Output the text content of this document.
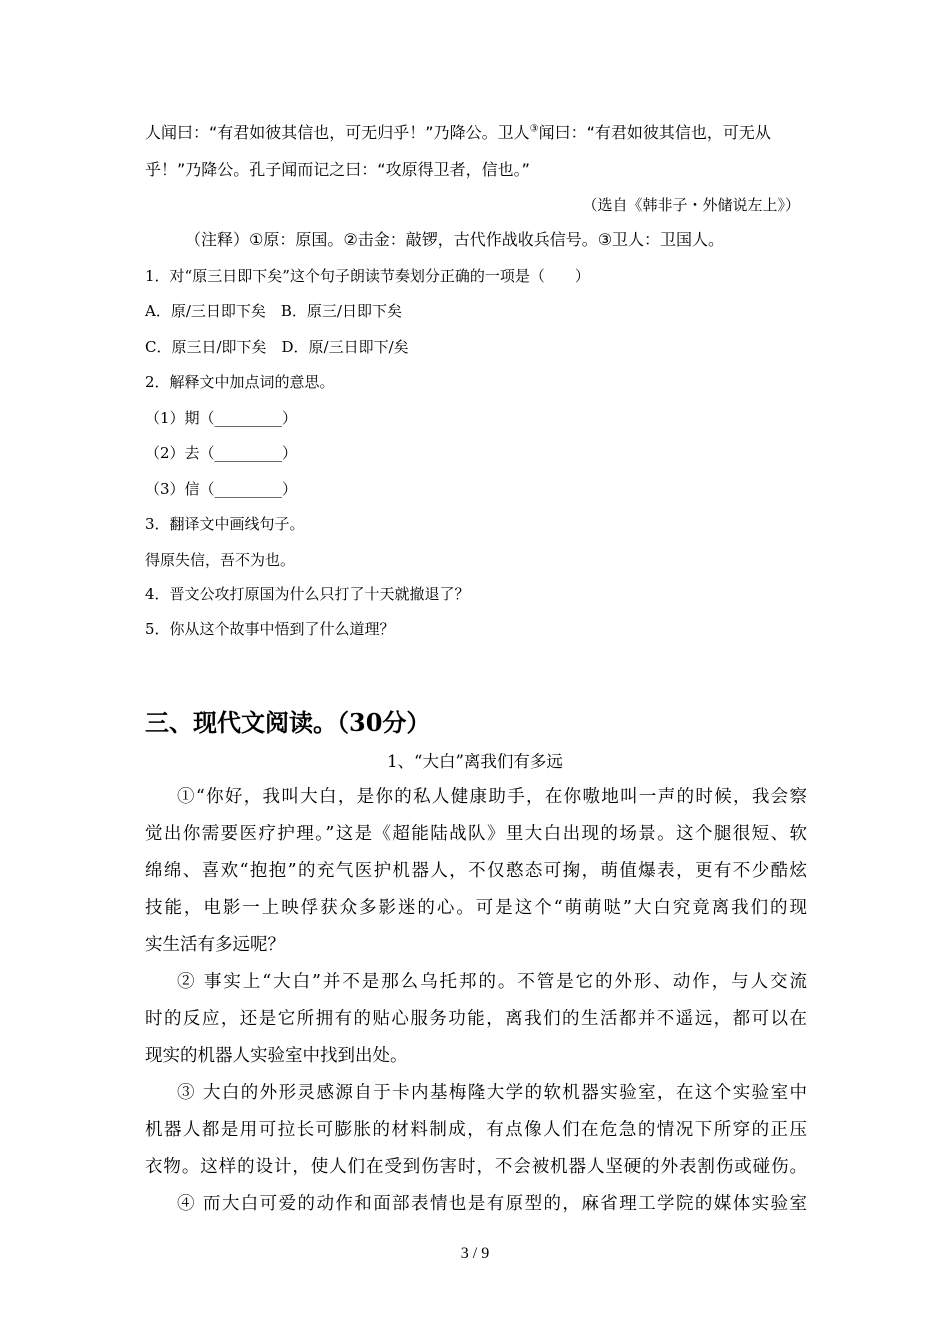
人闻曰：“有君如彼其信也，可无归乎！”乃降公。卫人③闻曰：“有君如彼其信也，可无从
乎！”乃降公。孔子闻而记之曰：“攻原得卫者，信也。”
（选自《韩非子・外储说左上》）
（注释）①原：原国。②击金：敲锣，古代作战收兵信号。③卫人：卫国人。
1．对“原三日即下矣”这个句子朗读节奏划分正确的一项是（　　）
A．原/三日即下矣　B．原三/日即下矣
C．原三日/即下矣　D．原/三日即下/矣
2．解释文中加点词的意思。
（1）期（_________）
（2）去（_________）
（3）信（_________）
3．翻译文中画线句子。
得原失信，吾不为也。
4．晋文公攻打原国为什么只打了十天就撤退了？
5．你从这个故事中悟到了什么道理？
三、现代文阅读。（30分）
1、“大白”离我们有多远
①“你好，我叫大白，是你的私人健康助手，在你嗷地叫一声的时候，我会察
觉出你需要医疗护理。”这是《超能陆战队》里大白出现的场景。这个腿很短、软
绵绵、喜欢“抱抱”的充气医护机器人，不仅憨态可掬，萌值爆表，更有不少酷炫
技能，电影一上映俘获众多影迷的心。可是这个“萌萌哒”大白究竟离我们的现
实生活有多远呢？
② 事实上“大白”并不是那么乌托邦的。不管是它的外形、动作，与人交流
时的反应，还是它所拥有的贴心服务功能，离我们的生活都并不遥远，都可以在
现实的机器人实验室中找到出处。
③ 大白的外形灵感源自于卡内基梅隆大学的软机器实验室，在这个实验室中
机器人都是用可拉长可膨胀的材料制成，有点像人们在危急的情况下所穿的正压
衣物。这样的设计，使人们在受到伤害时，不会被机器人坚硬的外表割伤或碰伤。
④ 而大白可爱的动作和面部表情也是有原型的，麻省理工学院的媒体实验室
3 / 9
